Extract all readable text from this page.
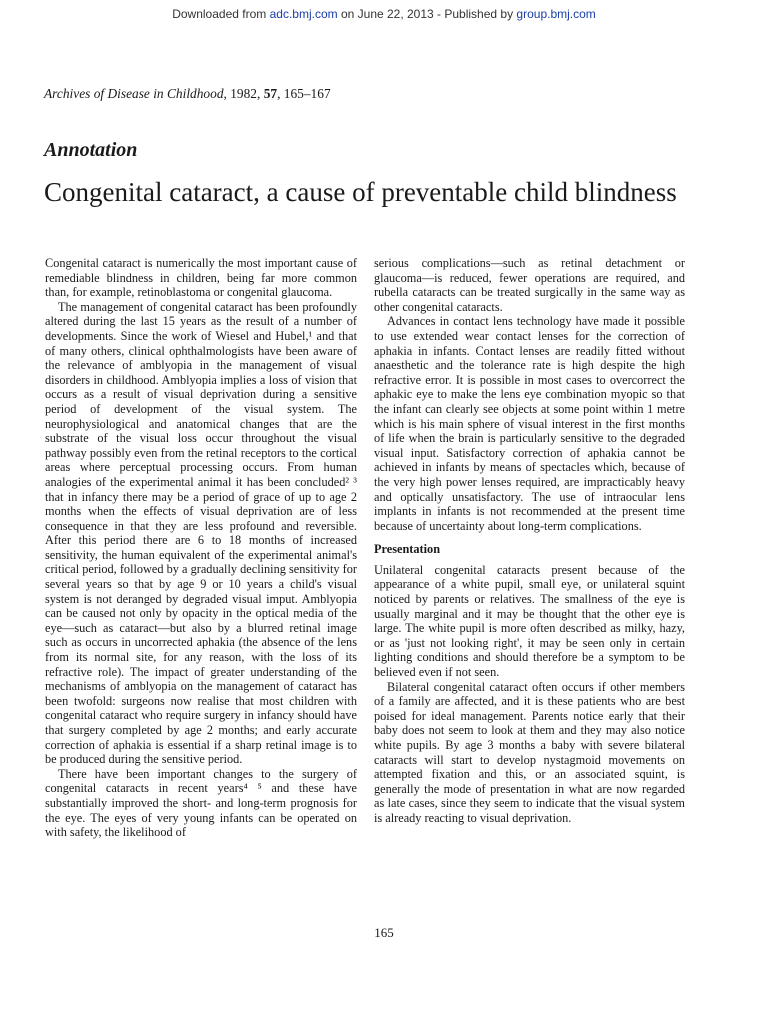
Downloaded from adc.bmj.com on June 22, 2013 - Published by group.bmj.com
Archives of Disease in Childhood, 1982, 57, 165–167
Annotation
Congenital cataract, a cause of preventable child blindness

Congenital cataract is numerically the most important cause of remediable blindness in children, being far more common than, for example, retinoblastoma or congenital glaucoma.

The management of congenital cataract has been profoundly altered during the last 15 years as the result of a number of developments. Since the work of Wiesel and Hubel,¹ and that of many others, clinical ophthalmologists have been aware of the relevance of amblyopia in the management of visual disorders in childhood. Amblyopia implies a loss of vision that occurs as a result of visual deprivation during a sensitive period of development of the visual system. The neurophysiological and anatomical changes that are the substrate of the visual loss occur throughout the visual pathway possibly even from the retinal receptors to the cortical areas where perceptual processing occurs. From human analogies of the experimental animal it has been concluded² ³ that in infancy there may be a period of grace of up to age 2 months when the effects of visual deprivation are of less consequence in that they are less profound and reversible. After this period there are 6 to 18 months of increased sensitivity, the human equivalent of the experimental animal's critical period, followed by a gradually declining sensitivity for several years so that by age 9 or 10 years a child's visual system is not deranged by degraded visual imput. Amblyopia can be caused not only by opacity in the optical media of the eye—such as cataract—but also by a blurred retinal image such as occurs in uncorrected aphakia (the absence of the lens from its normal site, for any reason, with the loss of its refractive role). The impact of greater understanding of the mechanisms of amblyopia on the management of cataract has been twofold: surgeons now realise that most children with congenital cataract who require surgery in infancy should have that surgery completed by age 2 months; and early accurate correction of aphakia is essential if a sharp retinal image is to be produced during the sensitive period.

There have been important changes to the surgery of congenital cataracts in recent years⁴ ⁵ and these have substantially improved the short- and long-term prognosis for the eye. The eyes of very young infants can be operated on with safety, the likelihood of

serious complications—such as retinal detachment or glaucoma—is reduced, fewer operations are required, and rubella cataracts can be treated surgically in the same way as other congenital cataracts.

Advances in contact lens technology have made it possible to use extended wear contact lenses for the correction of aphakia in infants. Contact lenses are readily fitted without anaesthetic and the tolerance rate is high despite the high refractive error. It is possible in most cases to overcorrect the aphakic eye to make the lens eye combination myopic so that the infant can clearly see objects at some point within 1 metre which is his main sphere of visual interest in the first months of life when the brain is particularly sensitive to the degraded visual input. Satisfactory correction of aphakia cannot be achieved in infants by means of spectacles which, because of the very high power lenses required, are impracticably heavy and optically unsatisfactory. The use of intraocular lens implants in infants is not recommended at the present time because of uncertainty about long-term complications.

Presentation

Unilateral congenital cataracts present because of the appearance of a white pupil, small eye, or unilateral squint noticed by parents or relatives. The smallness of the eye is usually marginal and it may be thought that the other eye is large. The white pupil is more often described as milky, hazy, or as 'just not looking right', it may be seen only in certain lighting conditions and should therefore be a symptom to be believed even if not seen.

Bilateral congenital cataract often occurs if other members of a family are affected, and it is these patients who are best poised for ideal management. Parents notice early that their baby does not seem to look at them and they may also notice white pupils. By age 3 months a baby with severe bilateral cataracts will start to develop nystagmoid movements on attempted fixation and this, or an associated squint, is generally the mode of presentation in what are now regarded as late cases, since they seem to indicate that the visual system is already reacting to visual deprivation.

165
